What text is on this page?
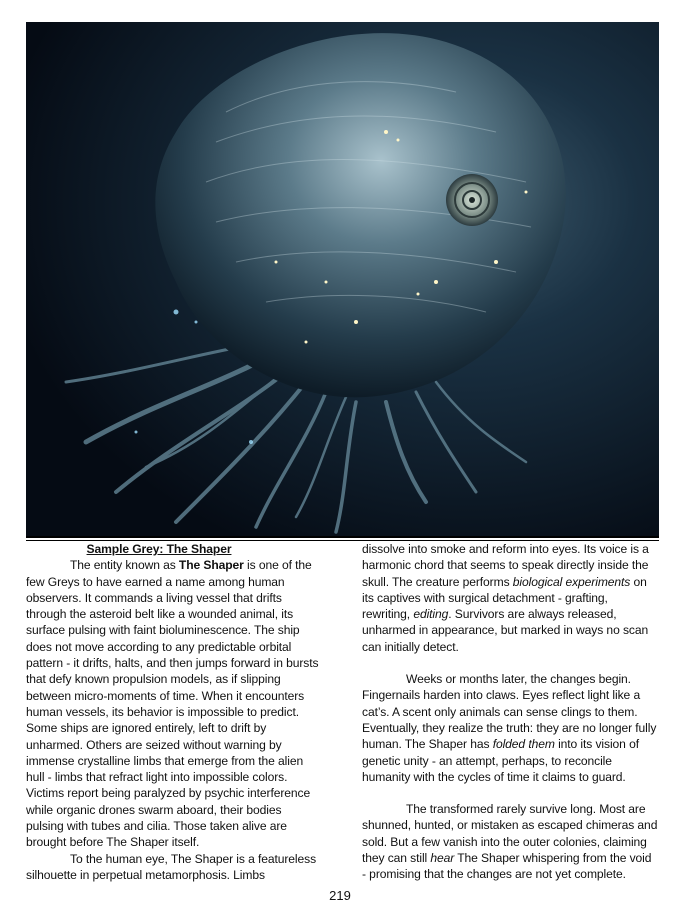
Sample Grey: The Shaper

The entity known as The Shaper is one of the few Greys to have earned a name among human observers. It commands a living vessel that drifts through the asteroid belt like a wounded animal, its surface pulsing with faint bioluminescence. The ship does not move according to any predictable orbital pattern - it drifts, halts, and then jumps forward in bursts that defy known propulsion models, as if slipping between micro-moments of time. When it encounters human vessels, its behavior is impossible to predict. Some ships are ignored entirely, left to drift by unharmed. Others are seized without warning by immense crystalline limbs that emerge from the alien hull - limbs that refract light into impossible colors. Victims report being paralyzed by psychic interference while organic drones swarm aboard, their bodies pulsing with tubes and cilia. Those taken alive are brought before The Shaper itself.

To the human eye, The Shaper is a featureless silhouette in perpetual metamorphosis. Limbs

dissolve into smoke and reform into eyes. Its voice is a harmonic chord that seems to speak directly inside the skull. The creature performs biological experiments on its captives with surgical detachment - grafting, rewriting, editing. Survivors are always released, unharmed in appearance, but marked in ways no scan can initially detect.

Weeks or months later, the changes begin. Fingernails harden into claws. Eyes reflect light like a cat’s. A scent only animals can sense clings to them. Eventually, they realize the truth: they are no longer fully human. The Shaper has folded them into its vision of genetic unity - an attempt, perhaps, to reconcile humanity with the cycles of time it claims to guard.

The transformed rarely survive long. Most are shunned, hunted, or mistaken as escaped chimeras and sold. But a few vanish into the outer colonies, claiming they can still hear The Shaper whispering from the void - promising that the changes are not yet complete.

219
